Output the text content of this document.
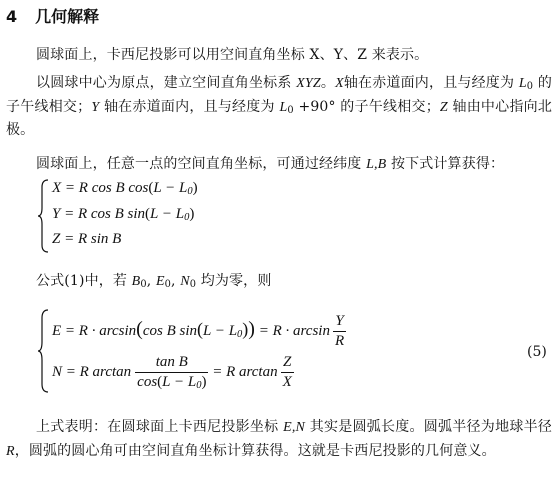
4 几何解释
圆球面上，卡西尼投影可以用空间直角坐标 X、Y、Z 来表示。
以圆球中心为原点，建立空间直角坐标系 XYZ。X轴在赤道面内，且与经度为 $L_0$ 的子午线相交；Y 轴在赤道面内，且与经度为 $L_0 +90^\circ$ 的子午线相交；Z 轴由中心指向北极。
圆球面上，任意一点的空间直角坐标，可通过经纬度 L,B 按下式计算获得：
X = R cos B $\cos(L - L_0)$
Y = R cos B $\sin(L - L_0)$
Z = R sin B
公式(1)中，若 $B_0$, $E_0$, $N_0$ 均为零，则
E = R · arcsin(cos B $\sin(L - L_0)) = R \cdot \arcsin \frac{Y}{R}$
N = R $\arctan \frac{\text{tan B}}{\cos(L - L_0)} = R$ $\arctan \frac{Z}{X}$
(5)
上式表明：在圆球面上卡西尼投影坐标 E,N 其实是圆弧长度。圆弧半径为地球半径 R，圆弧的圆心角可由空间直角坐标计算获得。这就是卡西尼投影的几何意义。
